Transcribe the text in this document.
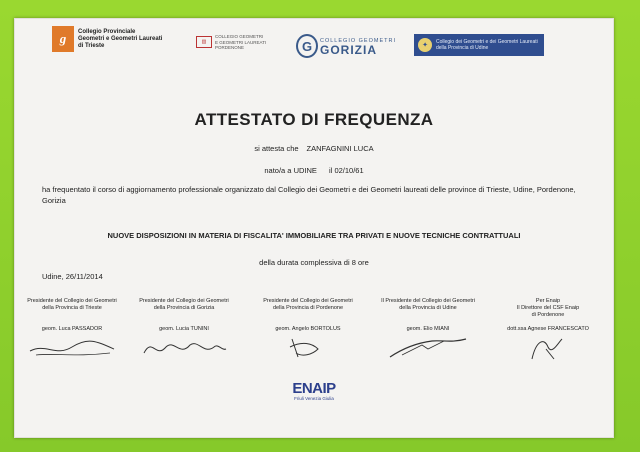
g	Collegio Provinciale
Geometri e Geometri Laureati
di Trieste
▥
COLLEGIO GEOMETRI
E GEOMETRI LAUREATI
PORDENONE	G	COLLEGIO GEOMETRI
GORIZIA	✦	Collegio dei Geometri e dei Geometri Laureati
della Provincia di Udine
ATTESTATO DI FREQUENZA
si attesta che ZANFAGNINI LUCA
nato/a a UDINE il 02/10/61
ha frequentato il corso di aggiornamento professionale organizzato dal Collegio dei Geometri e dei Geometri laureati delle province di Trieste, Udine, Pordenone, Gorizia
NUOVE DISPOSIZIONI IN MATERIA DI FISCALITA' IMMOBILIARE TRA PRIVATI E NUOVE TECNICHE CONTRATTUALI
della durata complessiva di 8 ore
Udine, 26/11/2014
Presidente del Collegio dei Geometri
della Provincia di Trieste
geom. Luca PASSADOR
Presidente del Collegio dei Geometri
della Provincia di Gorizia
geom. Lucia TUNINI
Presidente del Collegio dei Geometri
della Provincia di Pordenone
geom. Angelo BORTOLUS
Il Presidente del Collegio dei Geometri
della Provincia di Udine
geom. Elio MIANI
Per Enaip
Il Direttore del CSF Enaip
di Pordenone
dott.ssa Agnese FRANCESCATO
ENAIP
Friuli Venezia Giulia
